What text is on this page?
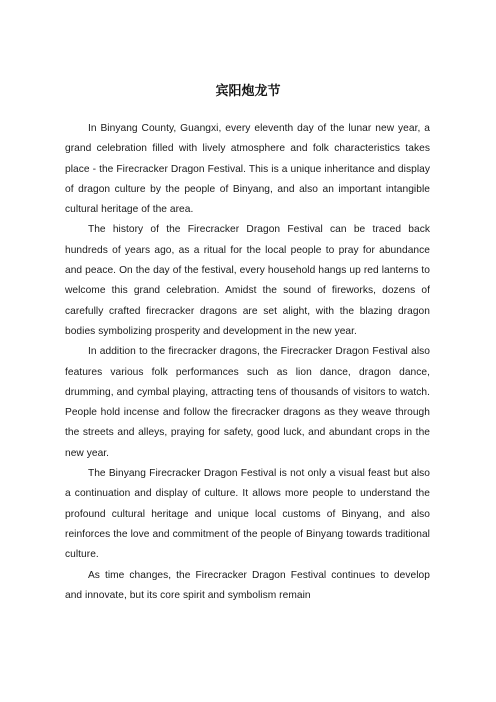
宾阳炮龙节

In Binyang County, Guangxi, every eleventh day of the lunar new year, a grand celebration filled with lively atmosphere and folk characteristics takes place - the Firecracker Dragon Festival. This is a unique inheritance and display of dragon culture by the people of Binyang, and also an important intangible cultural heritage of the area.

The history of the Firecracker Dragon Festival can be traced back hundreds of years ago, as a ritual for the local people to pray for abundance and peace. On the day of the festival, every household hangs up red lanterns to welcome this grand celebration. Amidst the sound of fireworks, dozens of carefully crafted firecracker dragons are set alight, with the blazing dragon bodies symbolizing prosperity and development in the new year.

In addition to the firecracker dragons, the Firecracker Dragon Festival also features various folk performances such as lion dance, dragon dance, drumming, and cymbal playing, attracting tens of thousands of visitors to watch. People hold incense and follow the firecracker dragons as they weave through the streets and alleys, praying for safety, good luck, and abundant crops in the new year.

The Binyang Firecracker Dragon Festival is not only a visual feast but also a continuation and display of culture. It allows more people to understand the profound cultural heritage and unique local customs of Binyang, and also reinforces the love and commitment of the people of Binyang towards traditional culture.

As time changes, the Firecracker Dragon Festival continues to develop and innovate, but its core spirit and symbolism remain
